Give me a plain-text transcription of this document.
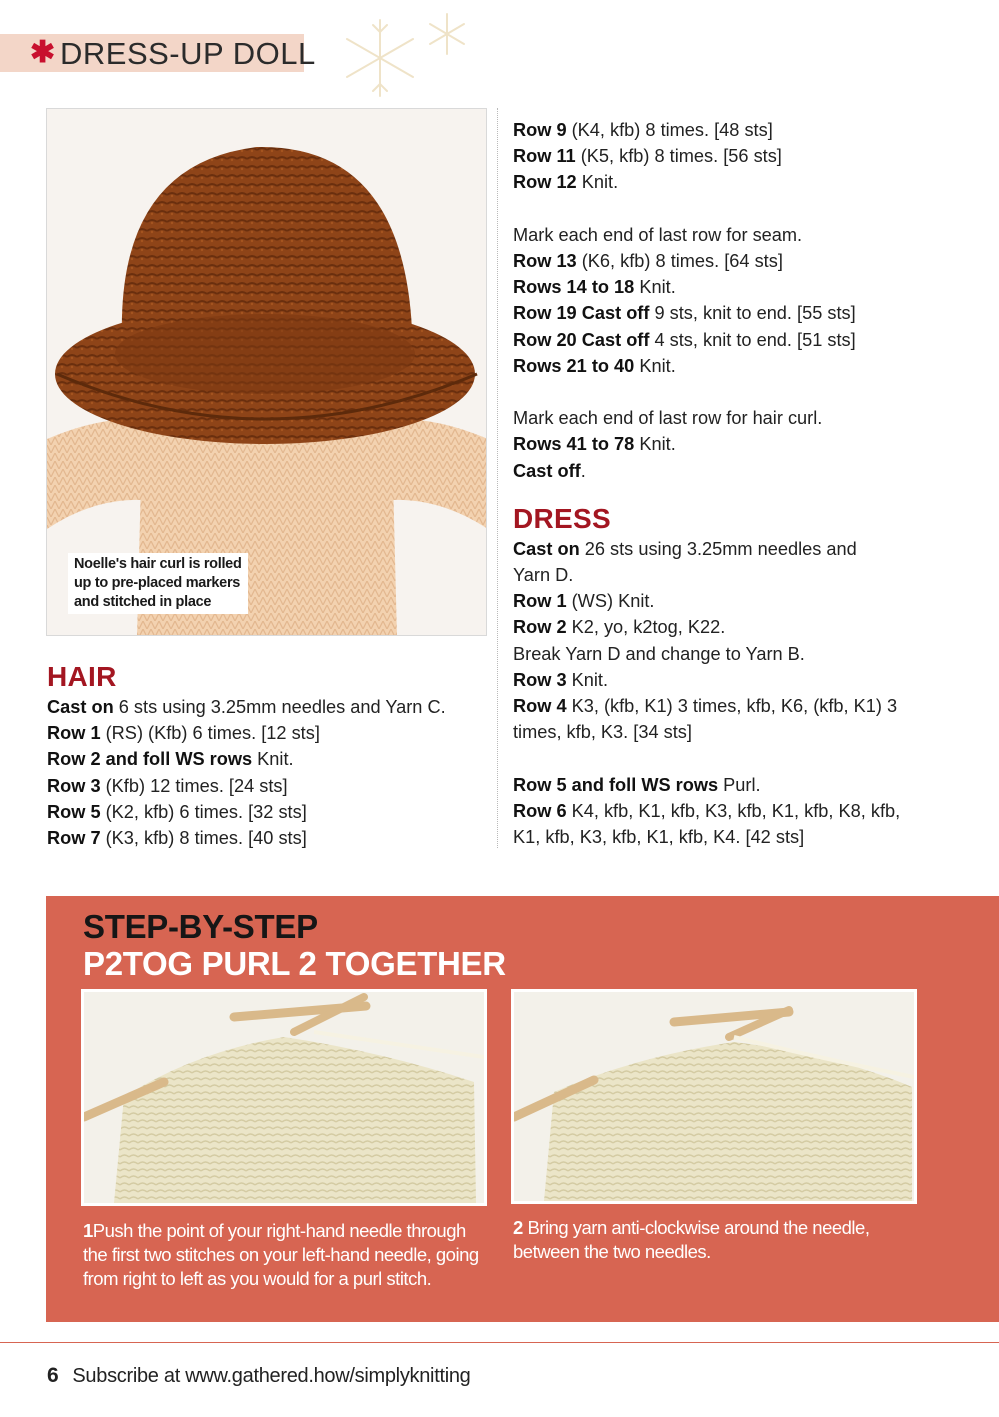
✱ DRESS-UP DOLL
Noelle's hair curl is rolled
up to pre-placed markers
and stitched in place

HAIR

Cast on 6 sts using 3.25mm needles and Yarn C.

Row 1 (RS) (Kfb) 6 times. [12 sts]

Row 2 and foll WS rows Knit.

Row 3 (Kfb) 12 times. [24 sts]

Row 5 (K2, kfb) 6 times. [32 sts]

Row 7 (K3, kfb) 8 times. [40 sts]

Row 9 (K4, kfb) 8 times. [48 sts]

Row 11 (K5, kfb) 8 times. [56 sts]

Row 12 Knit.

Mark each end of last row for seam.

Row 13 (K6, kfb) 8 times. [64 sts]

Rows 14 to 18 Knit.

Row 19 Cast off 9 sts, knit to end. [55 sts]

Row 20 Cast off 4 sts, knit to end. [51 sts]

Rows 21 to 40 Knit.

Mark each end of last row for hair curl.

Rows 41 to 78 Knit.

Cast off.

DRESS

Cast on 26 sts using 3.25mm needles and

Yarn D.

Row 1 (WS) Knit.

Row 2 K2, yo, k2tog, K22.

Break Yarn D and change to Yarn B.

Row 3 Knit.

Row 4 K3, (kfb, K1) 3 times, kfb, K6, (kfb, K1) 3

times, kfb, K3. [34 sts]

Row 5 and foll WS rows Purl.

Row 6 K4, kfb, K1, kfb, K3, kfb, K1, kfb, K8, kfb,

K1, kfb, K3, kfb, K1, kfb, K4. [42 sts]

STEP-BY-STEP
P2TOG PURL 2 TOGETHER

1Push the point of your right-hand needle through

the first two stitches on your left-hand needle, going

from right to left as you would for a purl stitch.

2 Bring yarn anti-clockwise around the needle,

between the two needles.

6 Subscribe at www.gathered.how/simplyknitting
